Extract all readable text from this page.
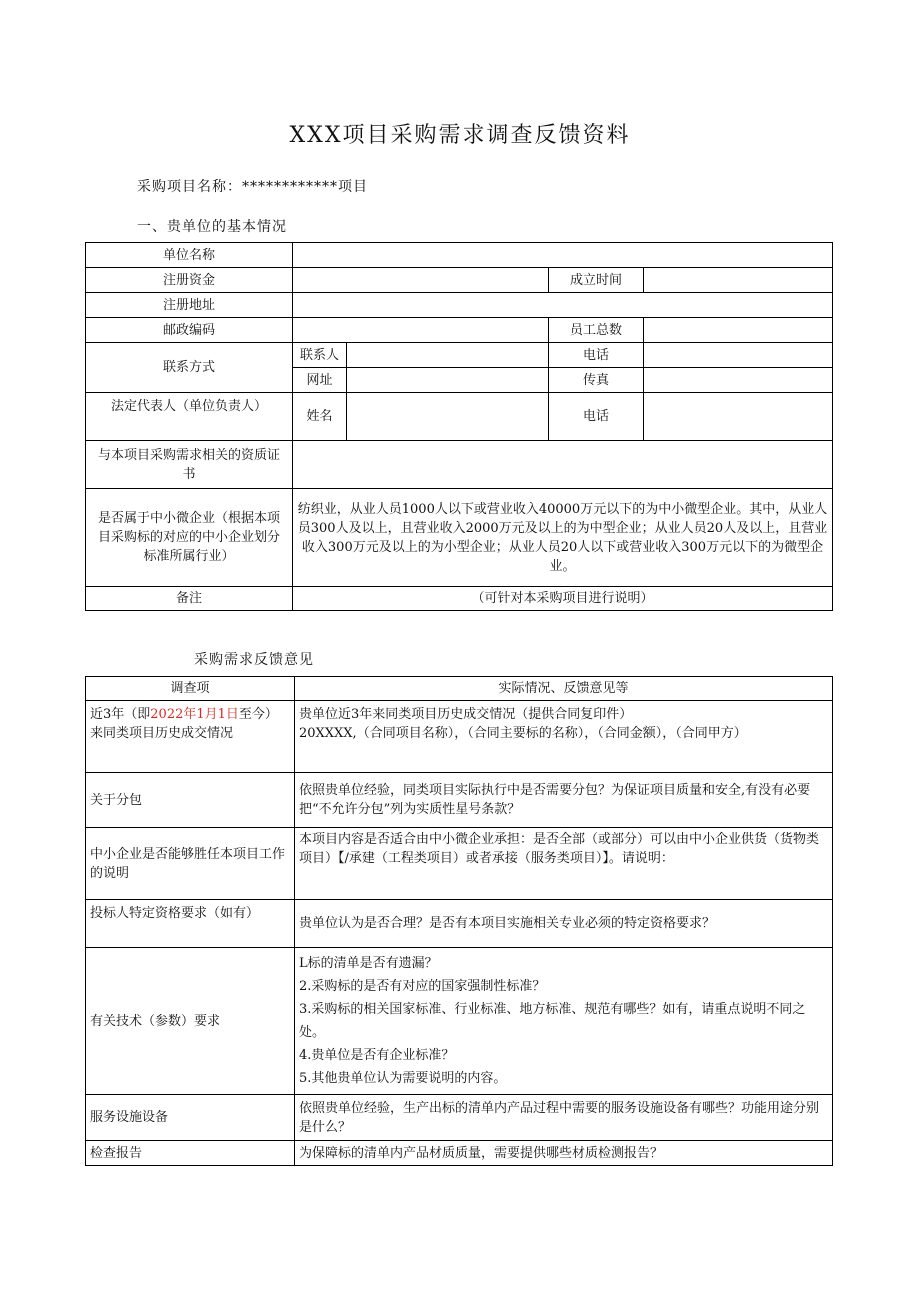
XXX项目采购需求调查反馈资料
采购项目名称：************项目
一、贵单位的基本情况
单位名称				
注册资金			成立时间	
注册地址				
邮政编码			员工总数	
联系方式	联系人		电话	
	网址		传真	
法定代表人（单位负责人）	姓名		电话	
与本项目采购需求相关的资质证书				
是否属于中小微企业（根据本项目采购标的对应的中小企业划分标准所属行业）	纺织业，从业人员1000人以下或营业收入40000万元以下的为中小微型企业。其中，从业人员300人及以上，且营业收入2000万元及以上的为中型企业；从业人员20人及以上，且营业收入300万元及以上的为小型企业；从业人员20人以下或营业收入300万元以下的为微型企业。			
备注	（可针对本采购项目进行说明）			
采购需求反馈意见
调查项	实际情况、反馈意见等
近3年（即2022年1月1日至今）来同类项目历史成交情况	贵单位近3年来同类项目历史成交情况（提供合同复印件）
20XXXX,（合同项目名称），（合同主要标的名称），（合同金额），（合同甲方）

关于分包	依照贵单位经验，同类项目实际执行中是否需要分包？为保证项目质量和安全,有没有必要把“不允许分包”列为实质性星号条款？
中小企业是否能够胜任本项目工作的说明	本项目内容是否适合由中小微企业承担：是否全部（或部分）可以由中小企业供货（货物类项目）【/承建（工程类项目）或者承接（服务类项目）】。请说明：
投标人特定资格要求（如有）	贵单位认为是否合理？是否有本项目实施相关专业必须的特定资格要求？
有关技术（参数）要求	L标的清单是否有遗漏？
2.采购标的是否有对应的国家强制性标准？
3.采购标的相关国家标准、行业标准、地方标准、规范有哪些？如有，请重点说明不同之处。
4.贵单位是否有企业标准？
5.其他贵单位认为需要说明的内容。

服务设施设备	依照贵单位经验，生产出标的清单内产品过程中需要的服务设施设备有哪些？功能用途分别是什么？
检查报告	为保障标的清单内产品材质质量，需要提供哪些材质检测报告？
